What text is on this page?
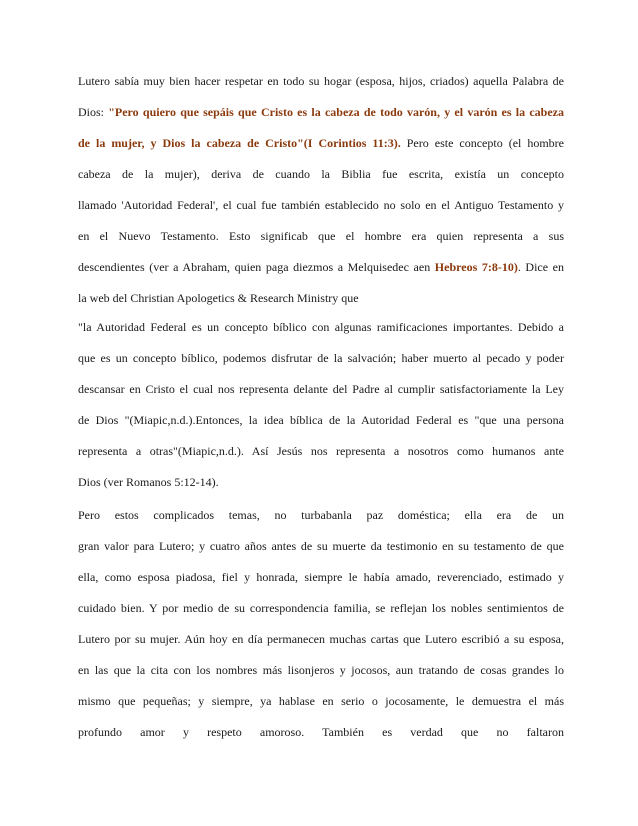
Lutero sabía muy bien hacer respetar en todo su hogar (esposa, hijos, criados) aquella Palabra de
Dios: "Pero quiero que sepáis que Cristo es la cabeza de todo varón, y el varón es la cabeza
de la mujer, y Dios la cabeza de Cristo"(I Corintios 11:3). Pero este concepto (el hombre
cabeza de la mujer), deriva de cuando la Biblia fue escrita, existía un concepto
llamado 'Autoridad Federal', el cual fue también establecido no solo en el Antiguo Testamento y
en el Nuevo Testamento. Esto significab que el hombre era quien representa a sus
descendientes (ver a Abraham, quien paga diezmos a Melquisedec aen Hebreos 7:8-10). Dice en
la web del Christian Apologetics & Research Ministry que
"la Autoridad Federal es un concepto bíblico con algunas ramificaciones importantes. Debido a
que es un concepto bíblico, podemos disfrutar de la salvación; haber muerto al pecado y poder
descansar en Cristo el cual nos representa delante del Padre al cumplir satisfactoriamente la Ley
de Dios "(Miapic,n.d.).Entonces, la idea bíblica de la Autoridad Federal es "que una persona
representa a otras"(Miapic,n.d.). Así Jesús nos representa a nosotros como humanos ante
Dios (ver Romanos 5:12-14).
Pero estos complicados temas, no turbabanla paz doméstica; ella era de un
gran valor para Lutero; y cuatro años antes de su muerte da testimonio en su testamento de que
ella, como esposa piadosa, fiel y honrada, siempre le había amado, reverenciado, estimado y
cuidado bien. Y por medio de su correspondencia familia, se reflejan los nobles sentimientos de
Lutero por su mujer. Aún hoy en día permanecen muchas cartas que Lutero escribió a su esposa,
en las que la cita con los nombres más lisonjeros y jocosos, aun tratando de cosas grandes lo
mismo que pequeñas; y siempre, ya hablase en serio o jocosamente, le demuestra el más
profundo amor y respeto amoroso. También es verdad que no faltaron
